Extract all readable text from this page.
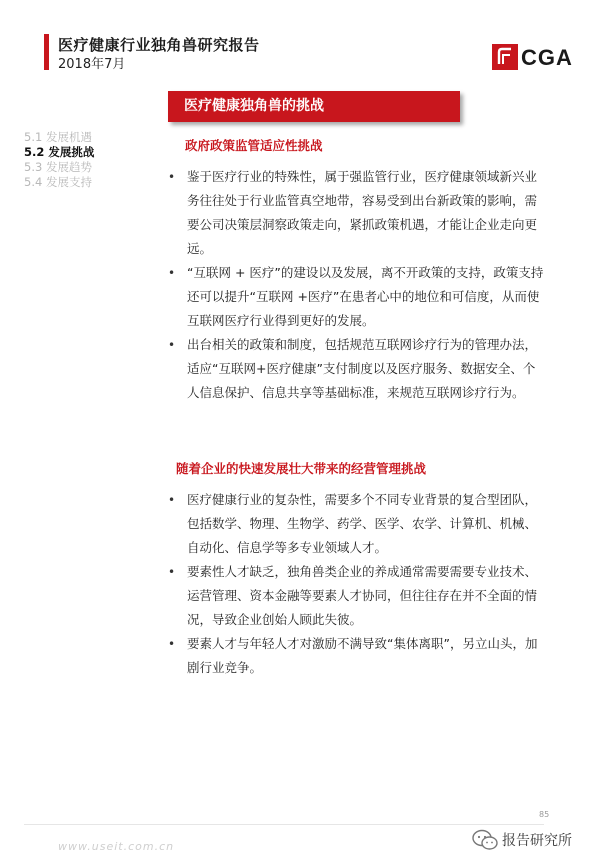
医疗健康行业独角兽研究报告
2018年7月	CGA
医疗健康独角兽的挑战
5.1 发展机遇
5.2 发展挑战
5.3 发展趋势
5.4 发展支持
政府政策监管适应性挑战
• 鉴于医疗行业的特殊性，属于强监管行业，医疗健康领域新兴业务往往处于行业监管真空地带，容易受到出台新政策的影响，需要公司决策层洞察政策走向，紧抓政策机遇，才能让企业走向更远。
• “互联网 + 医疗”的建设以及发展，离不开政策的支持，政策支持还可以提升“互联网 +医疗”在患者心中的地位和可信度，从而使互联网医疗行业得到更好的发展。
• 出台相关的政策和制度，包括规范互联网诊疗行为的管理办法，适应“互联网+医疗健康”支付制度以及医疗服务、数据安全、个人信息保护、信息共享等基础标准，来规范互联网诊疗行为。
随着企业的快速发展壮大带来的经营管理挑战
• 医疗健康行业的复杂性，需要多个不同专业背景的复合型团队，包括数学、物理、生物学、药学、医学、农学、计算机、机械、自动化、信息学等多专业领域人才。
• 要素性人才缺乏，独角兽类企业的养成通常需要需要专业技术、运营管理、资本金融等要素人才协同，但往往存在并不全面的情况，导致企业创始人顾此失彼。
• 要素人才与年轻人才对激励不满导致“集体离职”，另立山头，加剧行业竞争。
85
www.useit.com.cn	报告研究所
